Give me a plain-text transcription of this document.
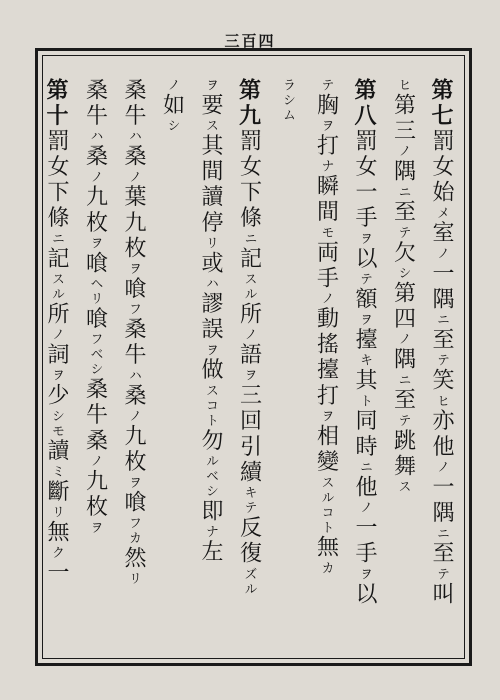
三百四
第七罰女始メ室ノ一隅ニ至テ笑ヒ亦他ノ一隅ニ至テ叫
ヒ第三ノ隅ニ至テ欠シ第四ノ隅ニ至テ跳舞ス
第八罰女一手ヲ以テ額ヲ擡キ其ト同時ニ他ノ一手ヲ以
テ胸ヲ打ナ瞬間モ両手ノ動搖擡打ヲ相變スルコト無カ
ラシム
第九罰女下條ニ記スル所ノ語ヲ三回引續キテ反復ズル
ヲ要ス其間讀停リ或ハ謬誤ヲ做スコト勿ルベシ即ナ左
ノ如シ
桑牛ハ桑ノ葉九枚ヲ喰フ桑牛ハ桑ノ九枚ヲ喰フカ然リ
桑牛ハ桑ノ九枚ヲ喰ヘリ喰フベシ桑牛桑ノ九枚ヲ
第十罰女下條ニ記スル所ノ詞ヲ少シモ讀ミ斷リ無ク一
